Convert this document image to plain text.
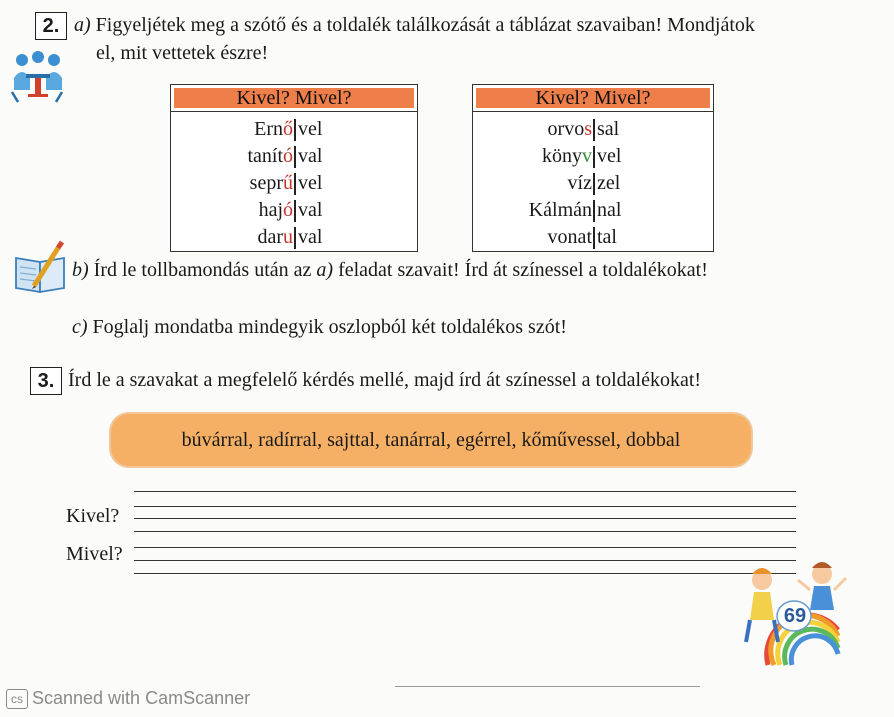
2. a) Figyeljétek meg a szótő és a toldalék találkozását a táblázat szavaiban! Mondjátok
el, mit vettetek észre!
Kivel? Mivel?
Ernő vel
tanító val
seprű vel
hajó val
daru val
Kivel? Mivel?
orvos sal
könyv vel
víz zel
Kálmán nal
vonat tal
b) Írd le tollbamondás után az a) feladat szavait! Írd át színessel a toldalékokat!
c) Foglalj mondatba mindegyik oszlopból két toldalékos szót!
3. Írd le a szavakat a megfelelő kérdés mellé, majd írd át színessel a toldalékokat!
búvárral, radírral, sajttal, tanárral, egérrel, kőművessel, dobbal
Kivel?
Mivel?
69
cs Scanned with CamScanner
